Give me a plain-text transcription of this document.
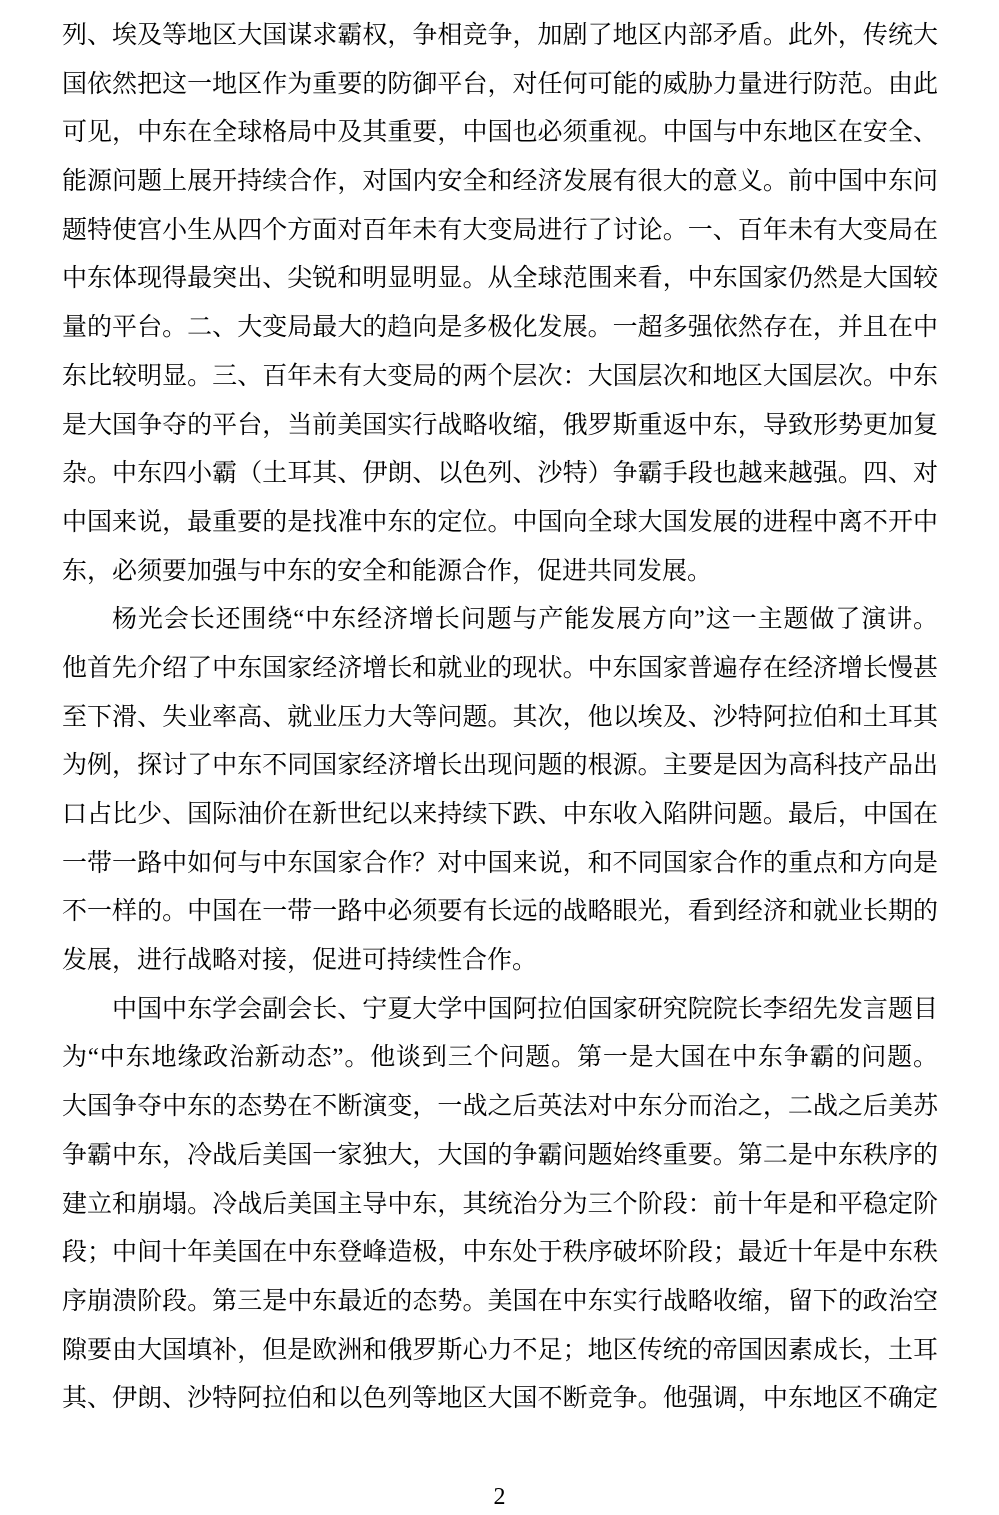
列、埃及等地区大国谋求霸权，争相竞争，加剧了地区内部矛盾。此外，传统大
国依然把这一地区作为重要的防御平台，对任何可能的威胁力量进行防范。由此
可见，中东在全球格局中及其重要，中国也必须重视。中国与中东地区在安全、
能源问题上展开持续合作，对国内安全和经济发展有很大的意义。前中国中东问
题特使宫小生从四个方面对百年未有大变局进行了讨论。一、百年未有大变局在
中东体现得最突出、尖锐和明显明显。从全球范围来看，中东国家仍然是大国较
量的平台。二、大变局最大的趋向是多极化发展。一超多强依然存在，并且在中
东比较明显。三、百年未有大变局的两个层次：大国层次和地区大国层次。中东
是大国争夺的平台，当前美国实行战略收缩，俄罗斯重返中东，导致形势更加复
杂。中东四小霸（土耳其、伊朗、以色列、沙特）争霸手段也越来越强。四、对
中国来说，最重要的是找准中东的定位。中国向全球大国发展的进程中离不开中
东，必须要加强与中东的安全和能源合作，促进共同发展。
杨光会长还围绕“中东经济增长问题与产能发展方向”这一主题做了演讲。
他首先介绍了中东国家经济增长和就业的现状。中东国家普遍存在经济增长慢甚
至下滑、失业率高、就业压力大等问题。其次，他以埃及、沙特阿拉伯和土耳其
为例，探讨了中东不同国家经济增长出现问题的根源。主要是因为高科技产品出
口占比少、国际油价在新世纪以来持续下跌、中东收入陷阱问题。最后，中国在
一带一路中如何与中东国家合作？对中国来说，和不同国家合作的重点和方向是
不一样的。中国在一带一路中必须要有长远的战略眼光，看到经济和就业长期的
发展，进行战略对接，促进可持续性合作。
中国中东学会副会长、宁夏大学中国阿拉伯国家研究院院长李绍先发言题目
为“中东地缘政治新动态”。他谈到三个问题。第一是大国在中东争霸的问题。
大国争夺中东的态势在不断演变，一战之后英法对中东分而治之，二战之后美苏
争霸中东，冷战后美国一家独大，大国的争霸问题始终重要。第二是中东秩序的
建立和崩塌。冷战后美国主导中东，其统治分为三个阶段：前十年是和平稳定阶
段；中间十年美国在中东登峰造极，中东处于秩序破坏阶段；最近十年是中东秩
序崩溃阶段。第三是中东最近的态势。美国在中东实行战略收缩，留下的政治空
隙要由大国填补，但是欧洲和俄罗斯心力不足；地区传统的帝国因素成长，土耳
其、伊朗、沙特阿拉伯和以色列等地区大国不断竞争。他强调，中东地区不确定
2
